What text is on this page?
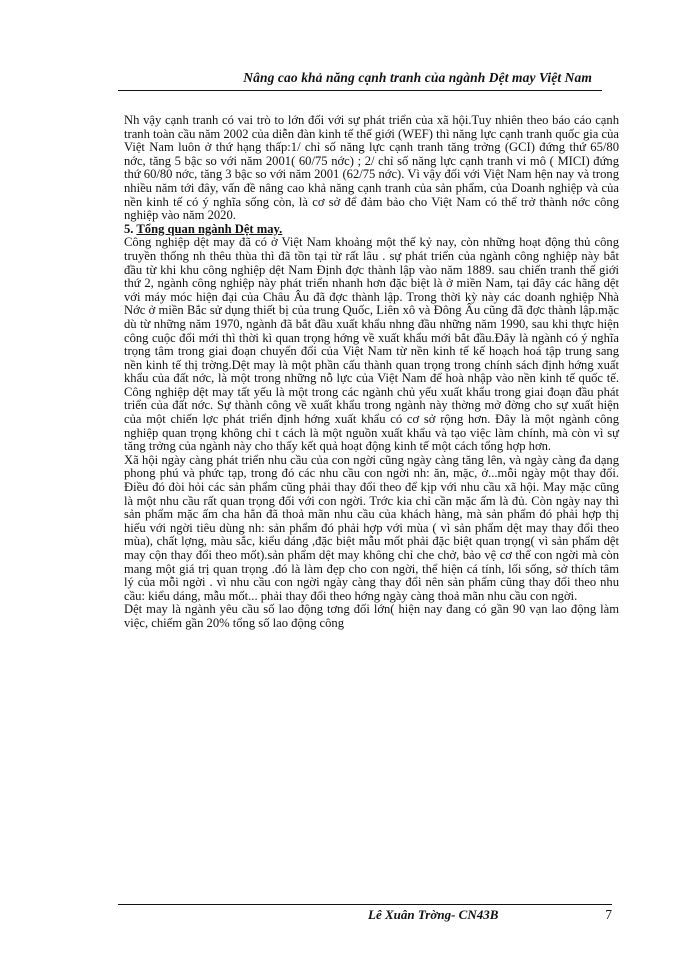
Nâng cao khả năng cạnh tranh của ngành Dệt may Việt Nam

Nh vậy cạnh tranh có vai trò to lớn đối với sự phát triển của xã hội.Tuy nhiên theo báo cáo cạnh tranh toàn cầu năm 2002 của diễn đàn kinh tế thế giới (WEF) thì năng lực cạnh tranh quốc gia của Việt Nam luôn ở thứ hạng thấp:1/ chỉ số năng lực cạnh tranh tăng trởng (GCI) đứng thứ 65/80 nớc, tăng 5 bậc so với năm 2001( 60/75 nớc) ; 2/ chỉ số năng lực cạnh tranh vi mô ( MICI) đứng thứ 60/80 nớc, tăng 3 bậc so với năm 2001 (62/75 nớc). Vì vậy đối với Việt Nam hện nay và trong nhiều năm tới đây, vấn đề nâng cao khả năng cạnh tranh của sản phẩm, của Doanh nghiệp và của nền kinh tế có ý nghĩa sống còn, là cơ sở để đảm bảo cho Việt Nam có thể trở thành nớc công nghiệp vào năm 2020.

5. Tổng quan ngành Dệt may.

Công nghiệp dệt may đã có ở Việt Nam khoảng một thế kỷ nay, còn những hoạt động thủ công truyền thống nh thêu thùa thì đã tồn tại từ rất lâu . sự phát triển của ngành công nghiệp này bắt đầu từ khi khu công nghiệp dệt Nam Định đợc thành lập vào năm 1889. sau chiến tranh thế giới thứ 2, ngành công nghiệp này phát triển nhanh hơn đặc biệt là ở miền Nam, tại đây các hãng dệt với máy móc hiện đại của Châu Âu đã đợc thành lập. Trong thời kỳ này các doanh nghiệp Nhà Nớc ở miền Bắc sử dụng thiết bị của trung Quốc, Liên xô và Đông Âu cũng đã đợc thành lập.mặc dù từ những năm 1970, ngành đã bắt đầu xuất khẩu nhng đầu những năm 1990, sau khi thực hiện công cuộc đổi mới thì thời kì quan trọng hớng về xuất khẩu mới bắt đầu.Đây là ngành có ý nghĩa trọng tâm trong giai đoạn chuyển đổi của Việt Nam từ nền kinh tế kế hoạch hoá tập trung sang nền kinh tế thị trờng.Dệt may là một phần cấu thành quan trọng trong chính sách định hớng xuất khẩu của đất nớc, là một trong những nỗ lực của Việt Nam để hoà nhập vào nền kinh tế quốc tế. Công nghiệp dệt may tất yếu là một trong các ngành chủ yếu xuất khẩu trong giai đoạn đầu phát triển của đất nớc. Sự thành công về xuất khẩu trong ngành này thờng mở đờng cho sự xuất hiện của một chiến lợc phát triển định hớng xuất khẩu có cơ sở rộng hơn. Đây là một ngành công nghiệp quan trọng không chỉ t cách là một nguồn xuất khẩu và tạo việc làm chính, mà còn vì sự tăng trởng của ngành này cho thấy kết quả hoạt động kinh tế một cách tổng hợp hơn.

Xã hội ngày càng phát triển nhu cầu của con ngời cũng ngày càng tăng lên, và ngày càng đa dạng phong phú và phức tạp, trong đó các nhu cầu con ngời nh: ăn, mặc, ở...mỗi ngày một thay đổi. Điều đó đòi hỏi các sản phẩm cũng phải thay đổi theo để kịp với nhu cầu xã hội. May mặc cũng là một nhu cầu rất quan trọng đối với con ngời. Trớc kia chỉ cần mặc ấm là đủ. Còn ngày nay thì sản phẩm mặc ấm cha hẳn đã thoả mãn nhu cầu của khách hàng, mà sản phẩm đó phải hợp thị hiếu với ngời tiêu dùng nh: sản phẩm đó phải hợp với mùa ( vì sản phẩm dệt may thay đổi theo mùa), chất lợng, màu sắc, kiểu dáng ,đặc biệt mẫu mốt phải đặc biệt quan trọng( vì sản phẩm dệt may cộn thay đổi theo mốt).sản phẩm dệt may không chỉ che chở, bảo vệ cơ thể con ngời mà còn mang một giá trị quan trọng .đó là làm đẹp cho con ngời, thể hiện cá tính, lối sống, sở thích tâm lý của mỗi ngời . vì nhu cầu con ngời ngày càng thay đổi nên sản phẩm cũng thay đổi theo nhu cầu: kiểu dáng, mẫu mốt... phải thay đổi theo hớng ngày càng thoả mãn nhu cầu con ngời.

Dệt may là ngành yêu cầu số lao động tơng đối lớn( hiện nay đang có gần 90 vạn lao động làm việc, chiếm gần 20% tổng số lao động công

Lê Xuân Trờng- CN43B	7
